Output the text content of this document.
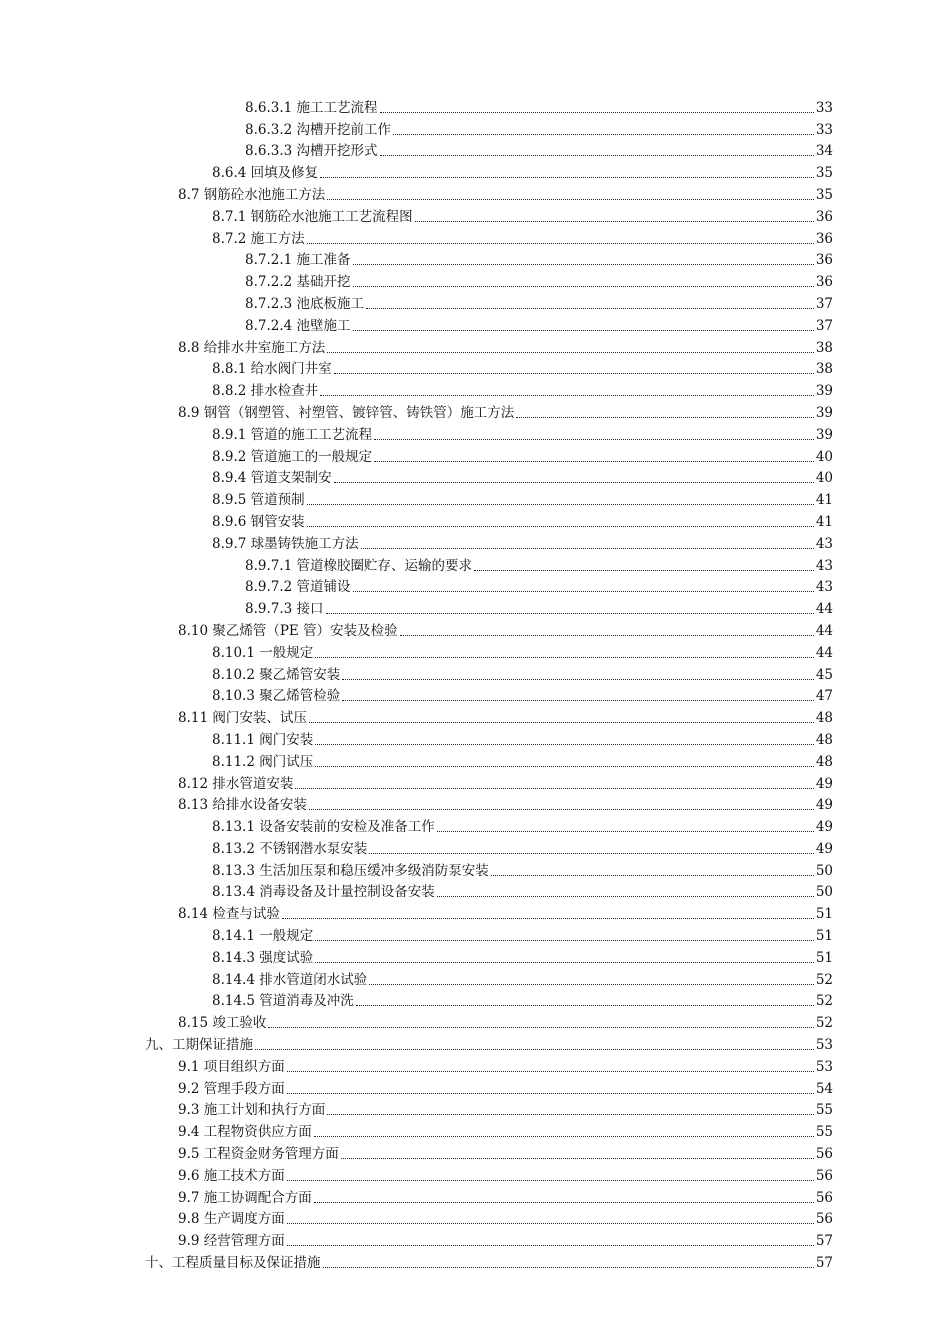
8.6.3.1 施工工艺流程	33
8.6.3.2 沟槽开挖前工作	33
8.6.3.3 沟槽开挖形式	34
8.6.4 回填及修复	35
8.7 钢筋砼水池施工方法	35
8.7.1 钢筋砼水池施工工艺流程图	36
8.7.2 施工方法	36
8.7.2.1 施工准备	36
8.7.2.2 基础开挖	36
8.7.2.3 池底板施工	37
8.7.2.4 池壁施工	37
8.8 给排水井室施工方法	38
8.8.1 给水阀门井室	38
8.8.2 排水检查井	39
8.9 钢管（钢塑管、衬塑管、镀锌管、铸铁管）施工方法	39
8.9.1 管道的施工工艺流程	39
8.9.2 管道施工的一般规定	40
8.9.4 管道支架制安	40
8.9.5 管道预制	41
8.9.6 钢管安装	41
8.9.7 球墨铸铁施工方法	43
8.9.7.1 管道橡胶圈贮存、运输的要求	43
8.9.7.2 管道铺设	43
8.9.7.3 接口	44
8.10 聚乙烯管（PE 管）安装及检验	44
8.10.1 一般规定	44
8.10.2 聚乙烯管安装	45
8.10.3 聚乙烯管检验	47
8.11 阀门安装、试压	48
8.11.1 阀门安装	48
8.11.2 阀门试压	48
8.12 排水管道安装	49
8.13 给排水设备安装	49
8.13.1 设备安装前的安检及准备工作	49
8.13.2 不锈钢潜水泵安装	49
8.13.3 生活加压泵和稳压缓冲多级消防泵安装	50
8.13.4 消毒设备及计量控制设备安装	50
8.14 检查与试验	51
8.14.1 一般规定	51
8.14.3 强度试验	51
8.14.4 排水管道闭水试验	52
8.14.5 管道消毒及冲洗	52
8.15 竣工验收	52
九、工期保证措施	53
9.1 项目组织方面	53
9.2 管理手段方面	54
9.3 施工计划和执行方面	55
9.4 工程物资供应方面	55
9.5 工程资金财务管理方面	56
9.6 施工技术方面	56
9.7 施工协调配合方面	56
9.8 生产调度方面	56
9.9 经营管理方面	57
十、工程质量目标及保证措施	57
